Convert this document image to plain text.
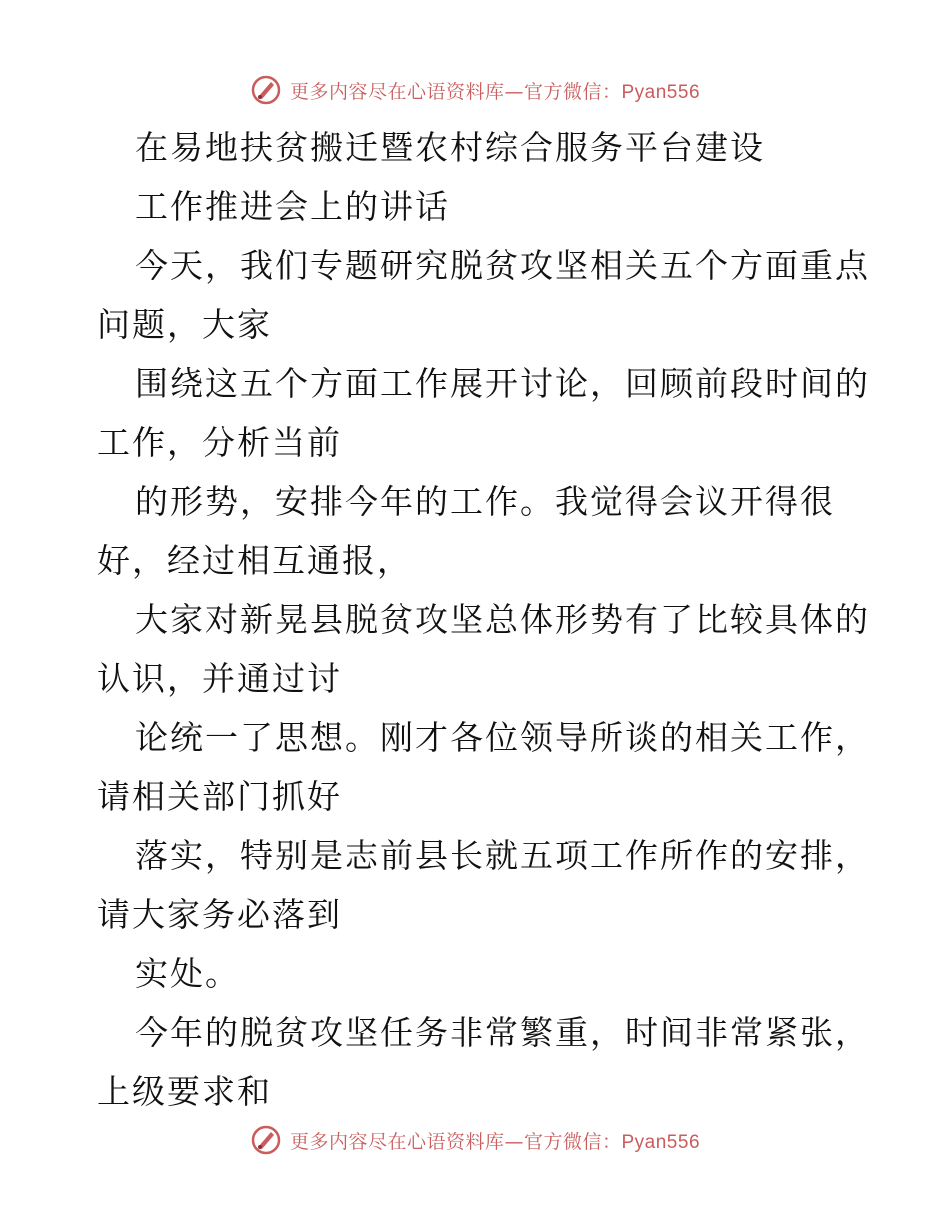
更多内容尽在心语资料库—官方微信：Pyan556
在易地扶贫搬迁暨农村综合服务平台建设
工作推进会上的讲话
今天，我们专题研究脱贫攻坚相关五个方面重点
问题，大家
围绕这五个方面工作展开讨论，回顾前段时间的
工作，分析当前
的形势，安排今年的工作。我觉得会议开得很
好，经过相互通报，
大家对新晃县脱贫攻坚总体形势有了比较具体的
认识，并通过讨
论统一了思想。刚才各位领导所谈的相关工作，
请相关部门抓好
落实，特别是志前县长就五项工作所作的安排，
请大家务必落到
实处。
今年的脱贫攻坚任务非常繁重，时间非常紧张，
上级要求和
更多内容尽在心语资料库—官方微信：Pyan556
